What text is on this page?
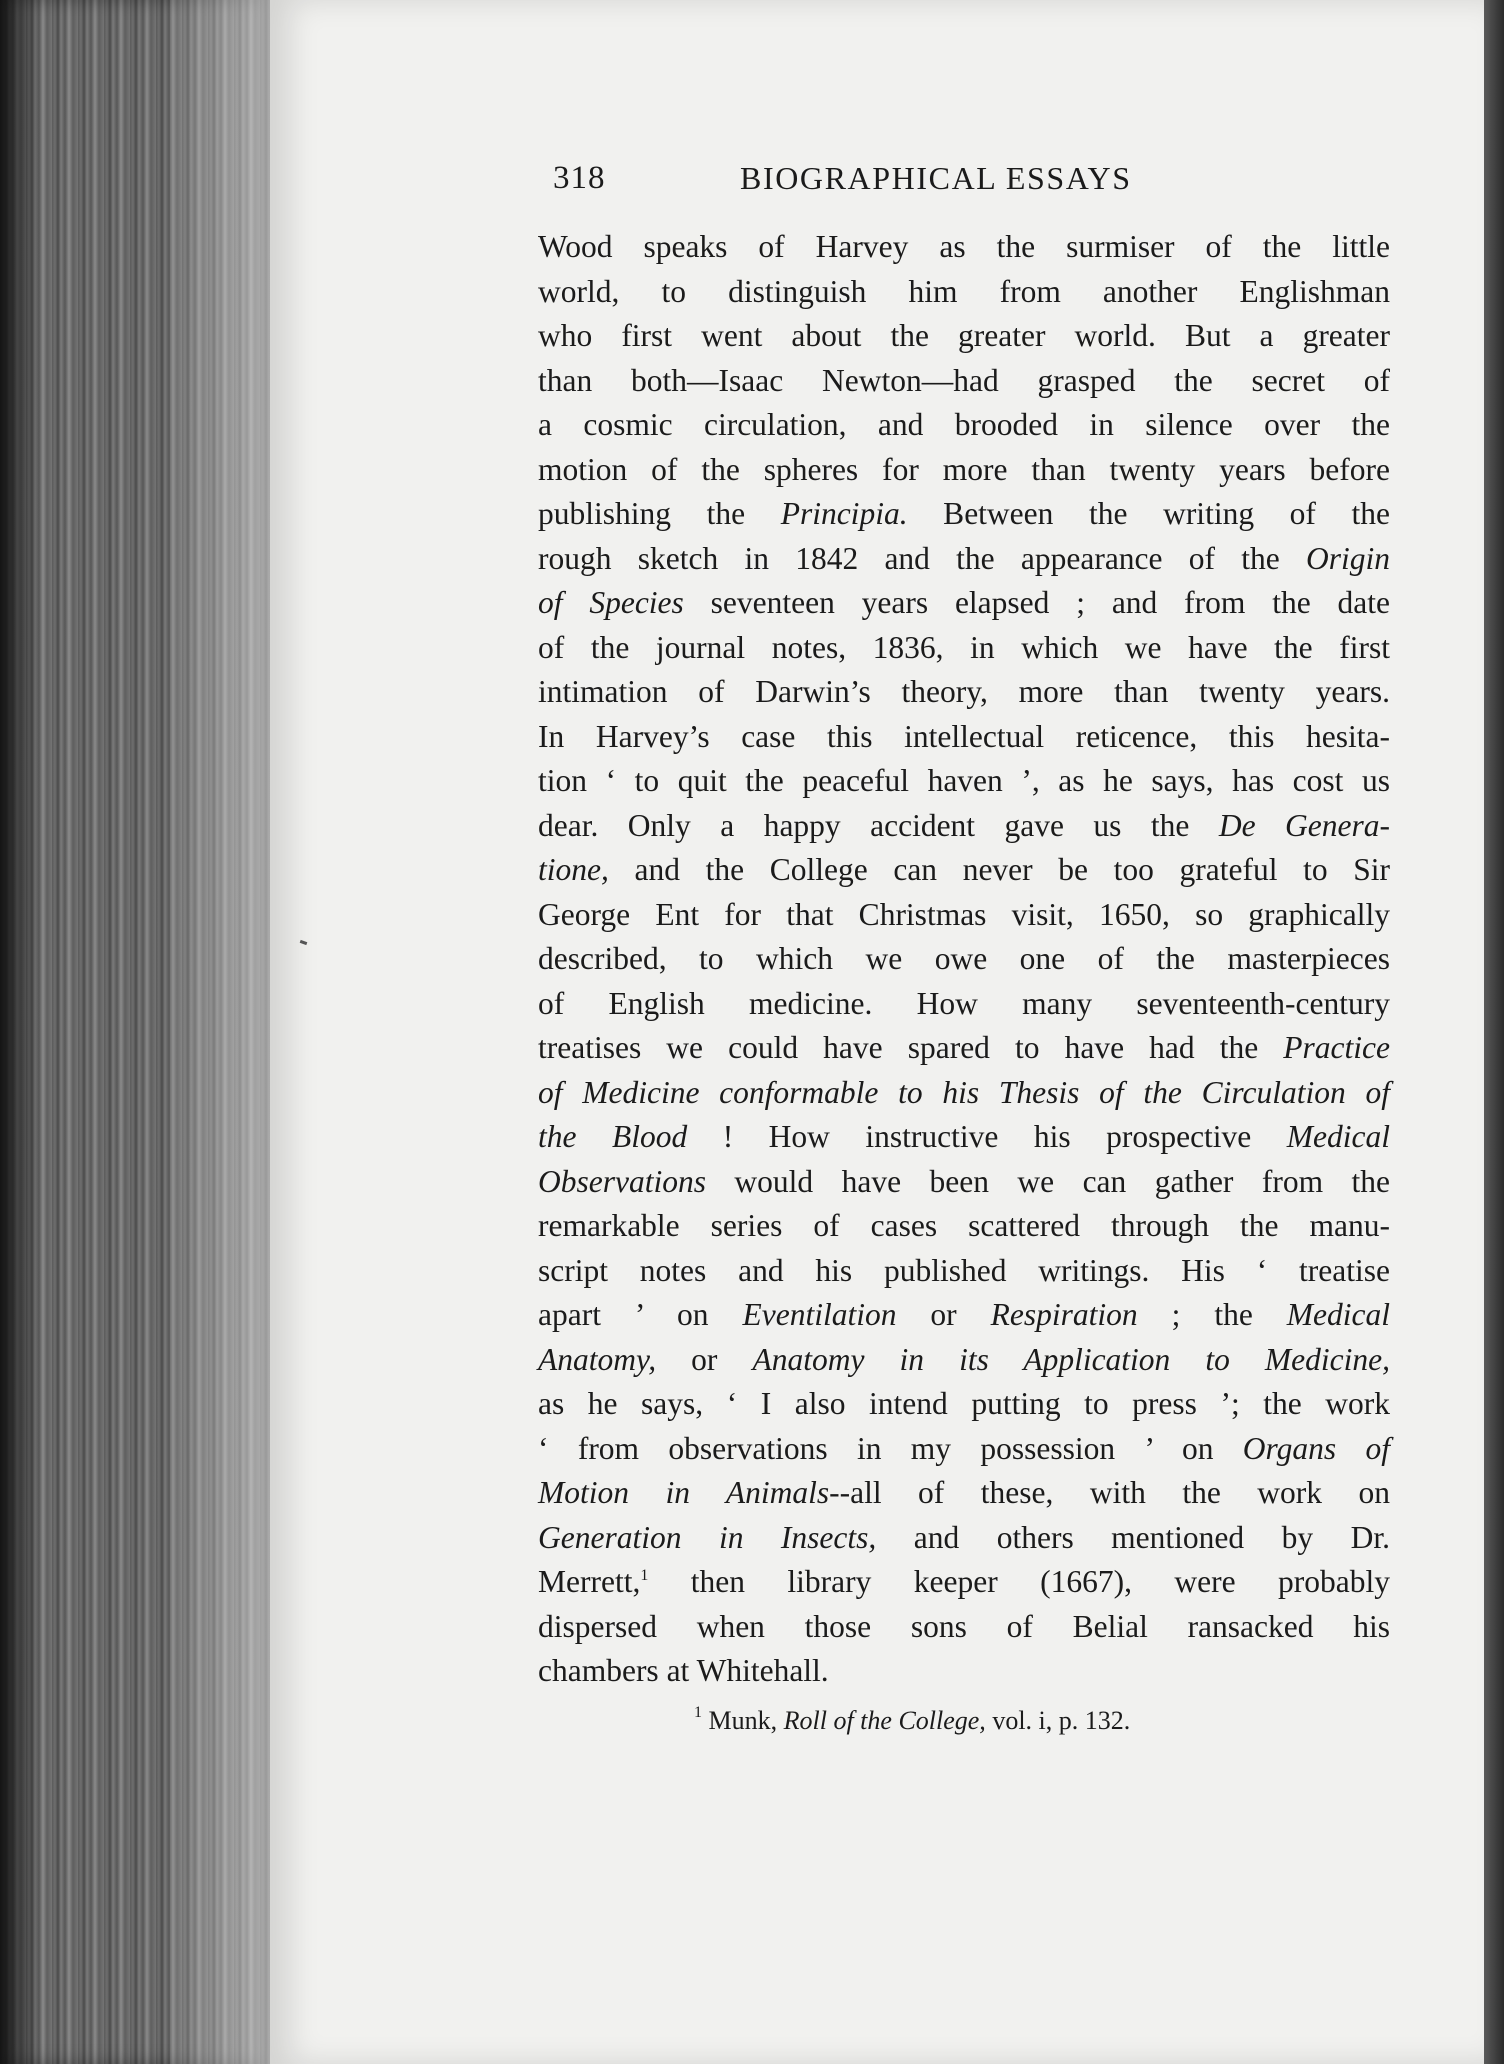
318	BIOGRAPHICAL ESSAYS
Wood speaks of Harvey as the surmiser of the little
world, to distinguish him from another Englishman
who first went about the greater world. But a greater
than both—Isaac Newton—had grasped the secret of
a cosmic circulation, and brooded in silence over the
motion of the spheres for more than twenty years before
publishing the Principia. Between the writing of the
rough sketch in 1842 and the appearance of the Origin
of Species seventeen years elapsed ; and from the date
of the journal notes, 1836, in which we have the first
intimation of Darwin’s theory, more than twenty years.
In Harvey’s case this intellectual reticence, this hesita-
tion ‘ to quit the peaceful haven ’, as he says, has cost us
dear. Only a happy accident gave us the De Genera-
tione, and the College can never be too grateful to Sir
George Ent for that Christmas visit, 1650, so graphically
described, to which we owe one of the masterpieces
of English medicine. How many seventeenth-century
treatises we could have spared to have had the Practice
of Medicine conformable to his Thesis of the Circulation of
the Blood ! How instructive his prospective Medical
Observations would have been we can gather from the
remarkable series of cases scattered through the manu-
script notes and his published writings. His ‘ treatise
apart ’ on Eventilation or Respiration ; the Medical
Anatomy, or Anatomy in its Application to Medicine,
as he says, ‘ I also intend putting to press ’; the work
‘ from observations in my possession ’ on Organs of
Motion in Animals--all of these, with the work on
Generation in Insects, and others mentioned by Dr.
Merrett,$^1$ then library keeper (1667), were probably
dispersed when those sons of Belial ransacked his
chambers at Whitehall.
$^1$ Munk, Roll of the College, vol. i, p. 132.
